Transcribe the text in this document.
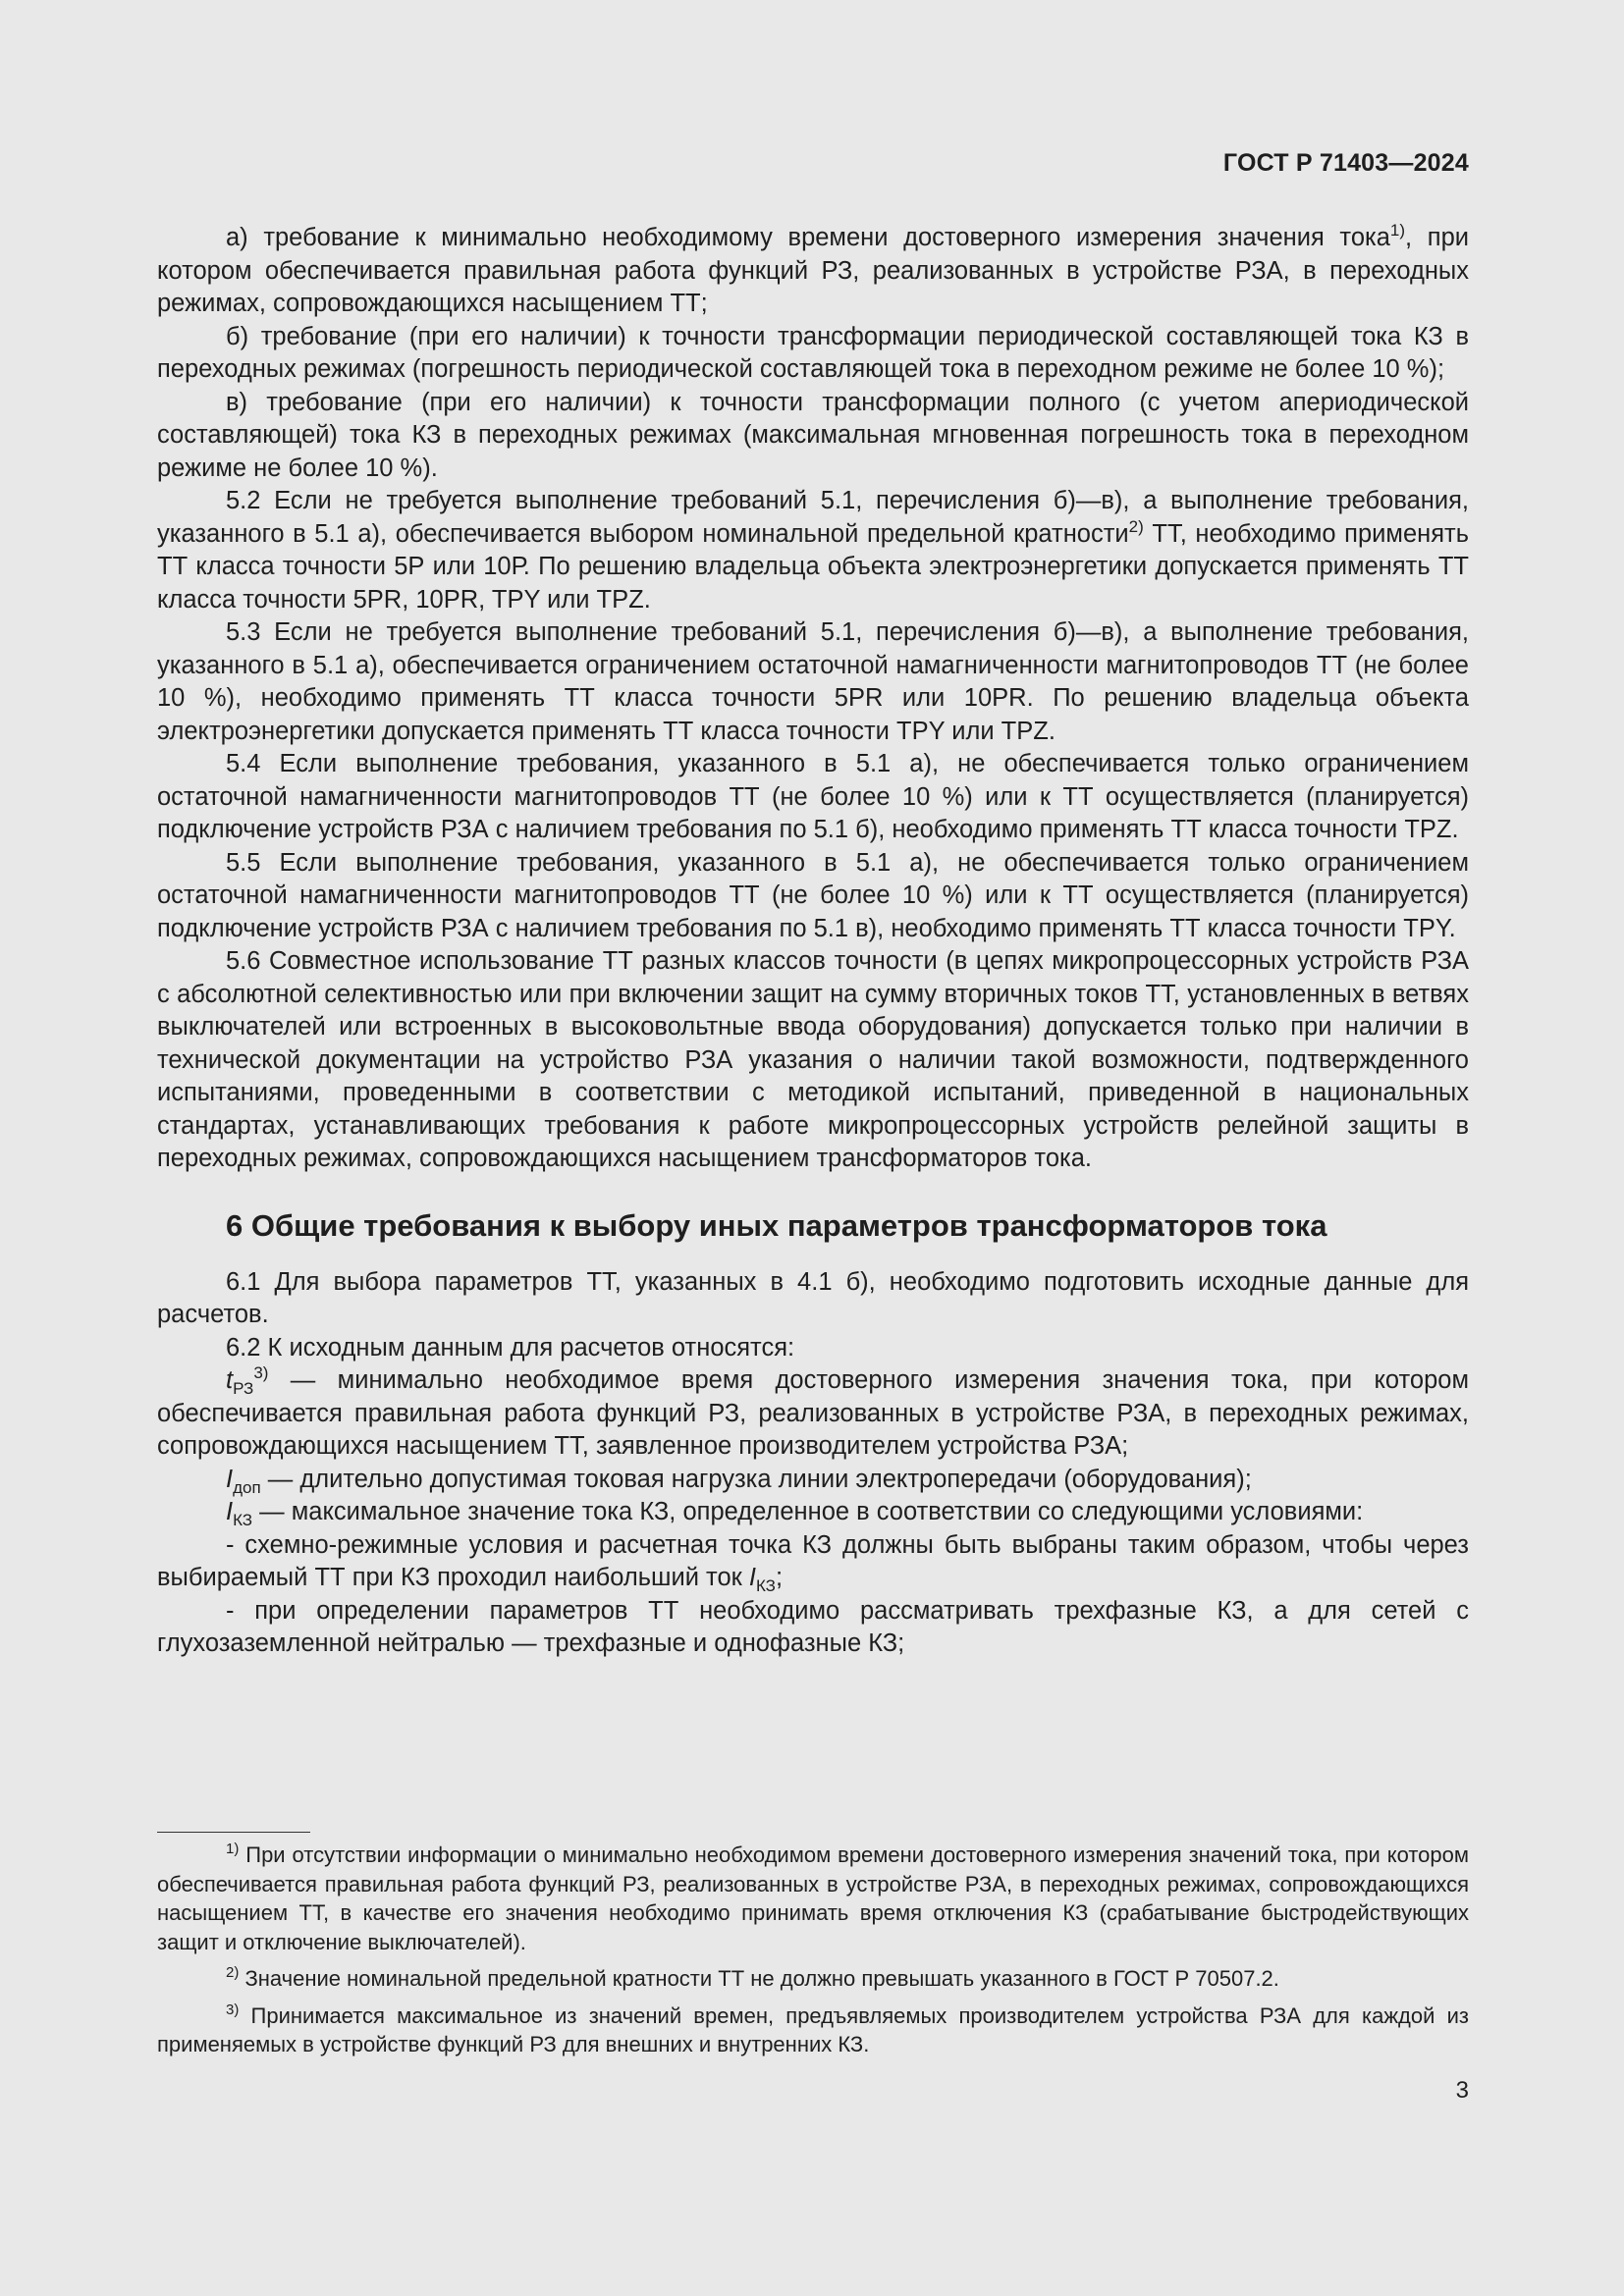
ГОСТ Р 71403—2024

а) требование к минимально необходимому времени достоверного измерения значения тока$^{1)}$, при котором обеспечивается правильная работа функций РЗ, реализованных в устройстве РЗА, в переходных режимах, сопровождающихся насыщением ТТ;

б) требование (при его наличии) к точности трансформации периодической составляющей тока КЗ в переходных режимах (погрешность периодической составляющей тока в переходном режиме не более 10 %);

в) требование (при его наличии) к точности трансформации полного (с учетом апериодической составляющей) тока КЗ в переходных режимах (максимальная мгновенная погрешность тока в переходном режиме не более 10 %).

5.2 Если не требуется выполнение требований 5.1, перечисления б)—в), а выполнение требования, указанного в 5.1 а), обеспечивается выбором номинальной предельной кратности$^{2)}$ ТТ, необходимо применять ТТ класса точности 5Р или 10Р. По решению владельца объекта электроэнергетики допускается применять ТТ класса точности 5PR, 10PR, TPY или TPZ.

5.3 Если не требуется выполнение требований 5.1, перечисления б)—в), а выполнение требования, указанного в 5.1 а), обеспечивается ограничением остаточной намагниченности магнитопроводов ТТ (не более 10 %), необходимо применять ТТ класса точности 5PR или 10PR. По решению владельца объекта электроэнергетики допускается применять ТТ класса точности TPY или TPZ.

5.4 Если выполнение требования, указанного в 5.1 а), не обеспечивается только ограничением остаточной намагниченности магнитопроводов ТТ (не более 10 %) или к ТТ осуществляется (планируется) подключение устройств РЗА с наличием требования по 5.1 б), необходимо применять ТТ класса точности TPZ.

5.5 Если выполнение требования, указанного в 5.1 а), не обеспечивается только ограничением остаточной намагниченности магнитопроводов ТТ (не более 10 %) или к ТТ осуществляется (планируется) подключение устройств РЗА с наличием требования по 5.1 в), необходимо применять ТТ класса точности TPY.

5.6 Совместное использование ТТ разных классов точности (в цепях микропроцессорных устройств РЗА с абсолютной селективностью или при включении защит на сумму вторичных токов ТТ, установленных в ветвях выключателей или встроенных в высоковольтные ввода оборудования) допускается только при наличии в технической документации на устройство РЗА указания о наличии такой возможности, подтвержденного испытаниями, проведенными в соответствии с методикой испытаний, приведенной в национальных стандартах, устанавливающих требования к работе микропроцессорных устройств релейной защиты в переходных режимах, сопровождающихся насыщением трансформаторов тока.

6 Общие требования к выбору иных параметров трансформаторов тока

6.1 Для выбора параметров ТТ, указанных в 4.1 б), необходимо подготовить исходные данные для расчетов.

6.2 К исходным данным для расчетов относятся:

$t_{РЗ}^{3)}$ — минимально необходимое время достоверного измерения значения тока, при котором обеспечивается правильная работа функций РЗ, реализованных в устройстве РЗА, в переходных режимах, сопровождающихся насыщением ТТ, заявленное производителем устройства РЗА;

$I_{доп}$ — длительно допустимая токовая нагрузка линии электропередачи (оборудования);

$I_{КЗ}$ — максимальное значение тока КЗ, определенное в соответствии со следующими условиями:

- схемно-режимные условия и расчетная точка КЗ должны быть выбраны таким образом, чтобы через выбираемый ТТ при КЗ проходил наибольший ток $I_{КЗ}$;

- при определении параметров ТТ необходимо рассматривать трехфазные КЗ, а для сетей с глухозаземленной нейтралью — трехфазные и однофазные КЗ;

$^{1)}$ При отсутствии информации о минимально необходимом времени достоверного измерения значений тока, при котором обеспечивается правильная работа функций РЗ, реализованных в устройстве РЗА, в переходных режимах, сопровождающихся насыщением ТТ, в качестве его значения необходимо принимать время отключения КЗ (срабатывание быстродействующих защит и отключение выключателей).

$^{2)}$ Значение номинальной предельной кратности ТТ не должно превышать указанного в ГОСТ Р 70507.2.

$^{3)}$ Принимается максимальное из значений времен, предъявляемых производителем устройства РЗА для каждой из применяемых в устройстве функций РЗ для внешних и внутренних КЗ.

3
